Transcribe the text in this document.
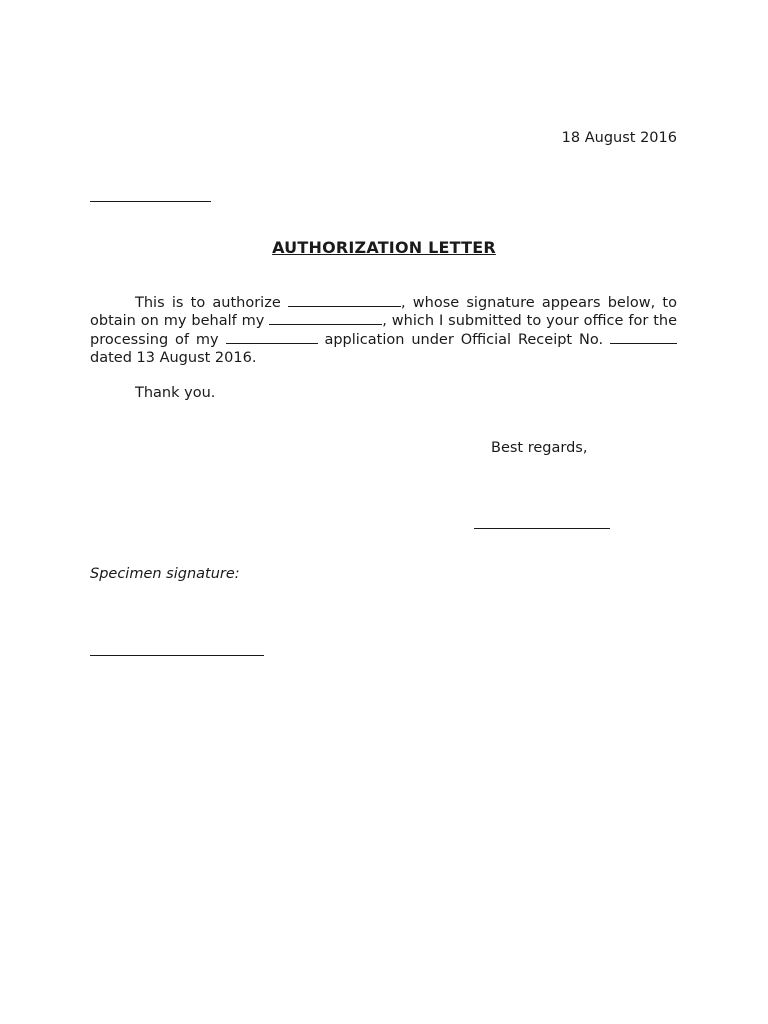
18 August 2016
AUTHORIZATION LETTER

This is to authorize	, whose signature appears below, to obtain on my behalf my	, which I submitted to your office for the processing of my	application under Official Receipt No.  dated 13 August 2016.

Thank you.
Best regards,
Specimen signature:
